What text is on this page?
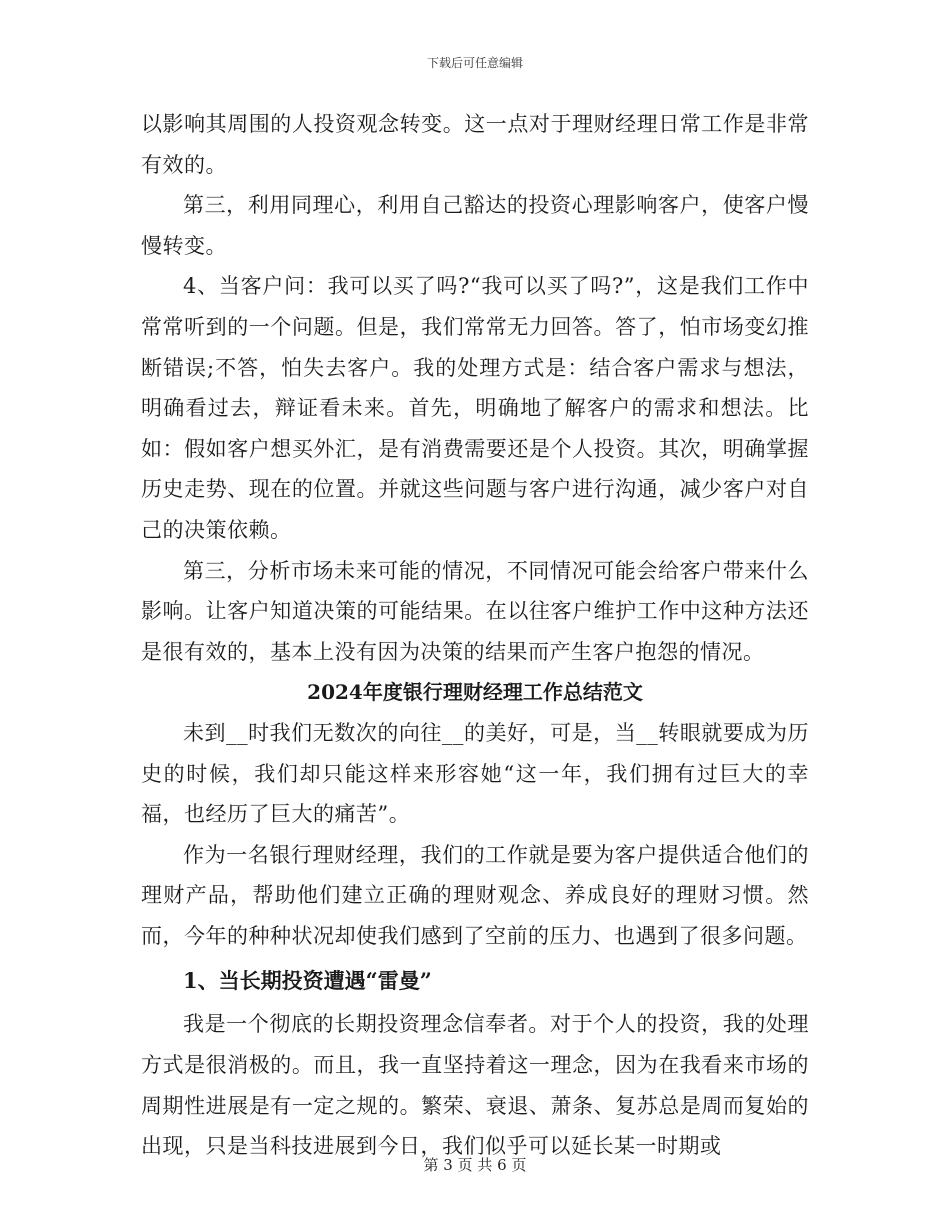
下载后可任意编辑

以影响其周围的人投资观念转变。这一点对于理财经理日常工作是非常有效的。

第三，利用同理心，利用自己豁达的投资心理影响客户，使客户慢慢转变。

4、当客户问：我可以买了吗?“我可以买了吗?”，这是我们工作中常常听到的一个问题。但是，我们常常无力回答。答了，怕市场变幻推断错误;不答，怕失去客户。我的处理方式是：结合客户需求与想法，明确看过去，辩证看未来。首先，明确地了解客户的需求和想法。比如：假如客户想买外汇，是有消费需要还是个人投资。其次，明确掌握历史走势、现在的位置。并就这些问题与客户进行沟通，减少客户对自己的决策依赖。

第三，分析市场未来可能的情况，不同情况可能会给客户带来什么影响。让客户知道决策的可能结果。在以往客户维护工作中这种方法还是很有效的，基本上没有因为决策的结果而产生客户抱怨的情况。

2024年度银行理财经理工作总结范文

未到__时我们无数次的向往__的美好，可是，当__转眼就要成为历史的时候，我们却只能这样来形容她“这一年，我们拥有过巨大的幸福，也经历了巨大的痛苦”。

作为一名银行理财经理，我们的工作就是要为客户提供适合他们的理财产品，帮助他们建立正确的理财观念、养成良好的理财习惯。然而，今年的种种状况却使我们感到了空前的压力、也遇到了很多问题。

1、当长期投资遭遇“雷曼”

我是一个彻底的长期投资理念信奉者。对于个人的投资，我的处理方式是很消极的。而且，我一直坚持着这一理念，因为在我看来市场的周期性进展是有一定之规的。繁荣、衰退、萧条、复苏总是周而复始的出现，只是当科技进展到今日，我们似乎可以延长某一时期或

第 3 页 共 6 页
